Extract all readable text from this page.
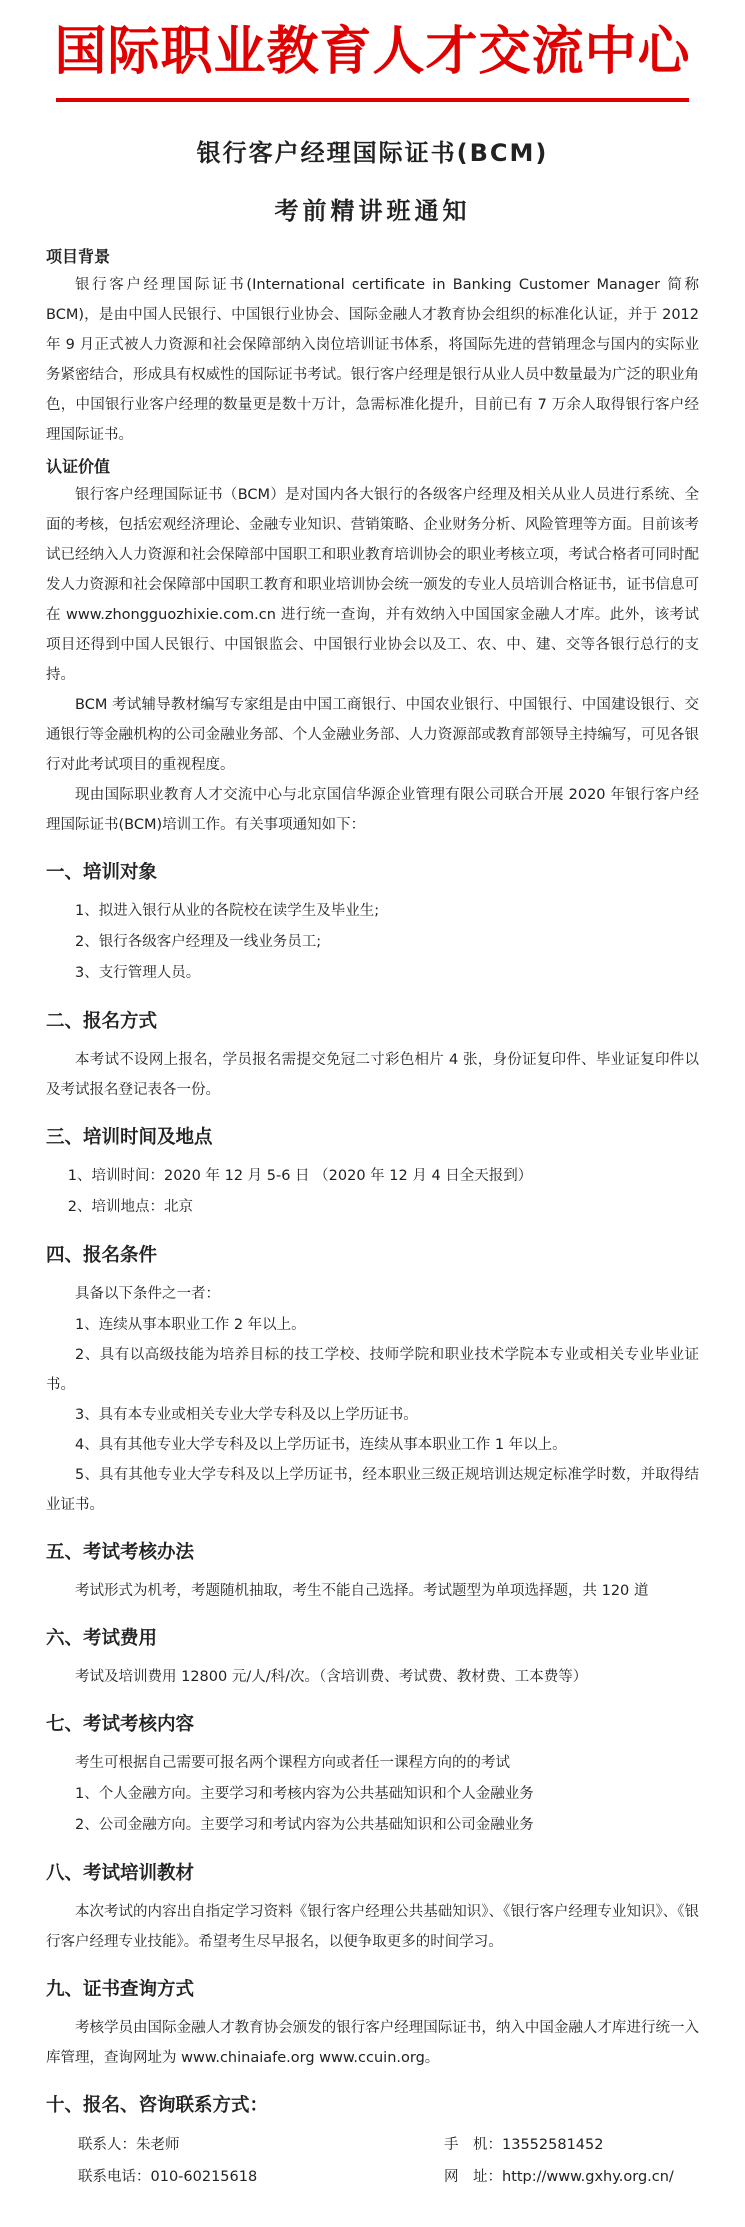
国际职业教育人才交流中心
银行客户经理国际证书(BCM)
考前精讲班通知
项目背景

银行客户经理国际证书(International certificate in Banking Customer Manager 简称 BCM)，是由中国人民银行、中国银行业协会、国际金融人才教育协会组织的标准化认证，并于 2012 年 9 月正式被人力资源和社会保障部纳入岗位培训证书体系，将国际先进的营销理念与国内的实际业务紧密结合，形成具有权威性的国际证书考试。银行客户经理是银行从业人员中数量最为广泛的职业角色，中国银行业客户经理的数量更是数十万计，急需标准化提升，目前已有 7 万余人取得银行客户经理国际证书。

认证价值

银行客户经理国际证书（BCM）是对国内各大银行的各级客户经理及相关从业人员进行系统、全面的考核，包括宏观经济理论、金融专业知识、营销策略、企业财务分析、风险管理等方面。目前该考试已经纳入人力资源和社会保障部中国职工和职业教育培训协会的职业考核立项，考试合格者可同时配发人力资源和社会保障部中国职工教育和职业培训协会统一颁发的专业人员培训合格证书，证书信息可在 www.zhongguozhixie.com.cn 进行统一查询，并有效纳入中国国家金融人才库。此外，该考试项目还得到中国人民银行、中国银监会、中国银行业协会以及工、农、中、建、交等各银行总行的支持。

BCM 考试辅导教材编写专家组是由中国工商银行、中国农业银行、中国银行、中国建设银行、交通银行等金融机构的公司金融业务部、个人金融业务部、人力资源部或教育部领导主持编写，可见各银行对此考试项目的重视程度。

现由国际职业教育人才交流中心与北京国信华源企业管理有限公司联合开展 2020 年银行客户经理国际证书(BCM)培训工作。有关事项通知如下：

一、培训对象

1、拟进入银行从业的各院校在读学生及毕业生;

2、银行各级客户经理及一线业务员工;

3、支行管理人员。

二、报名方式

本考试不设网上报名，学员报名需提交免冠二寸彩色相片 4 张，身份证复印件、毕业证复印件以及考试报名登记表各一份。

三、培训时间及地点

1、培训时间：2020 年 12 月 5-6 日 （2020 年 12 月 4 日全天报到）

2、培训地点：北京

四、报名条件

具备以下条件之一者：

1、连续从事本职业工作 2 年以上。

2、具有以高级技能为培养目标的技工学校、技师学院和职业技术学院本专业或相关专业毕业证书。

3、具有本专业或相关专业大学专科及以上学历证书。

4、具有其他专业大学专科及以上学历证书，连续从事本职业工作 1 年以上。

5、具有其他专业大学专科及以上学历证书，经本职业三级正规培训达规定标准学时数，并取得结业证书。

五、考试考核办法

考试形式为机考，考题随机抽取，考生不能自己选择。考试题型为单项选择题，共 120 道

六、考试费用

考试及培训费用 12800 元/人/科/次。（含培训费、考试费、教材费、工本费等）

七、考试考核内容

考生可根据自己需要可报名两个课程方向或者任一课程方向的的考试

1、个人金融方向。主要学习和考核内容为公共基础知识和个人金融业务

2、公司金融方向。主要学习和考试内容为公共基础知识和公司金融业务

八、考试培训教材

本次考试的内容出自指定学习资料《银行客户经理公共基础知识》、《银行客户经理专业知识》、《银行客户经理专业技能》。希望考生尽早报名，以便争取更多的时间学习。

九、证书查询方式

考核学员由国际金融人才教育协会颁发的银行客户经理国际证书，纳入中国金融人才库进行统一入库管理，查询网址为 www.chinaiafe.org www.ccuin.org。

十、报名、咨询联系方式：
联系人：朱老师	手　机：13552581452
联系电话：010-60215618	网　址：http://www.gxhy.org.cn/
